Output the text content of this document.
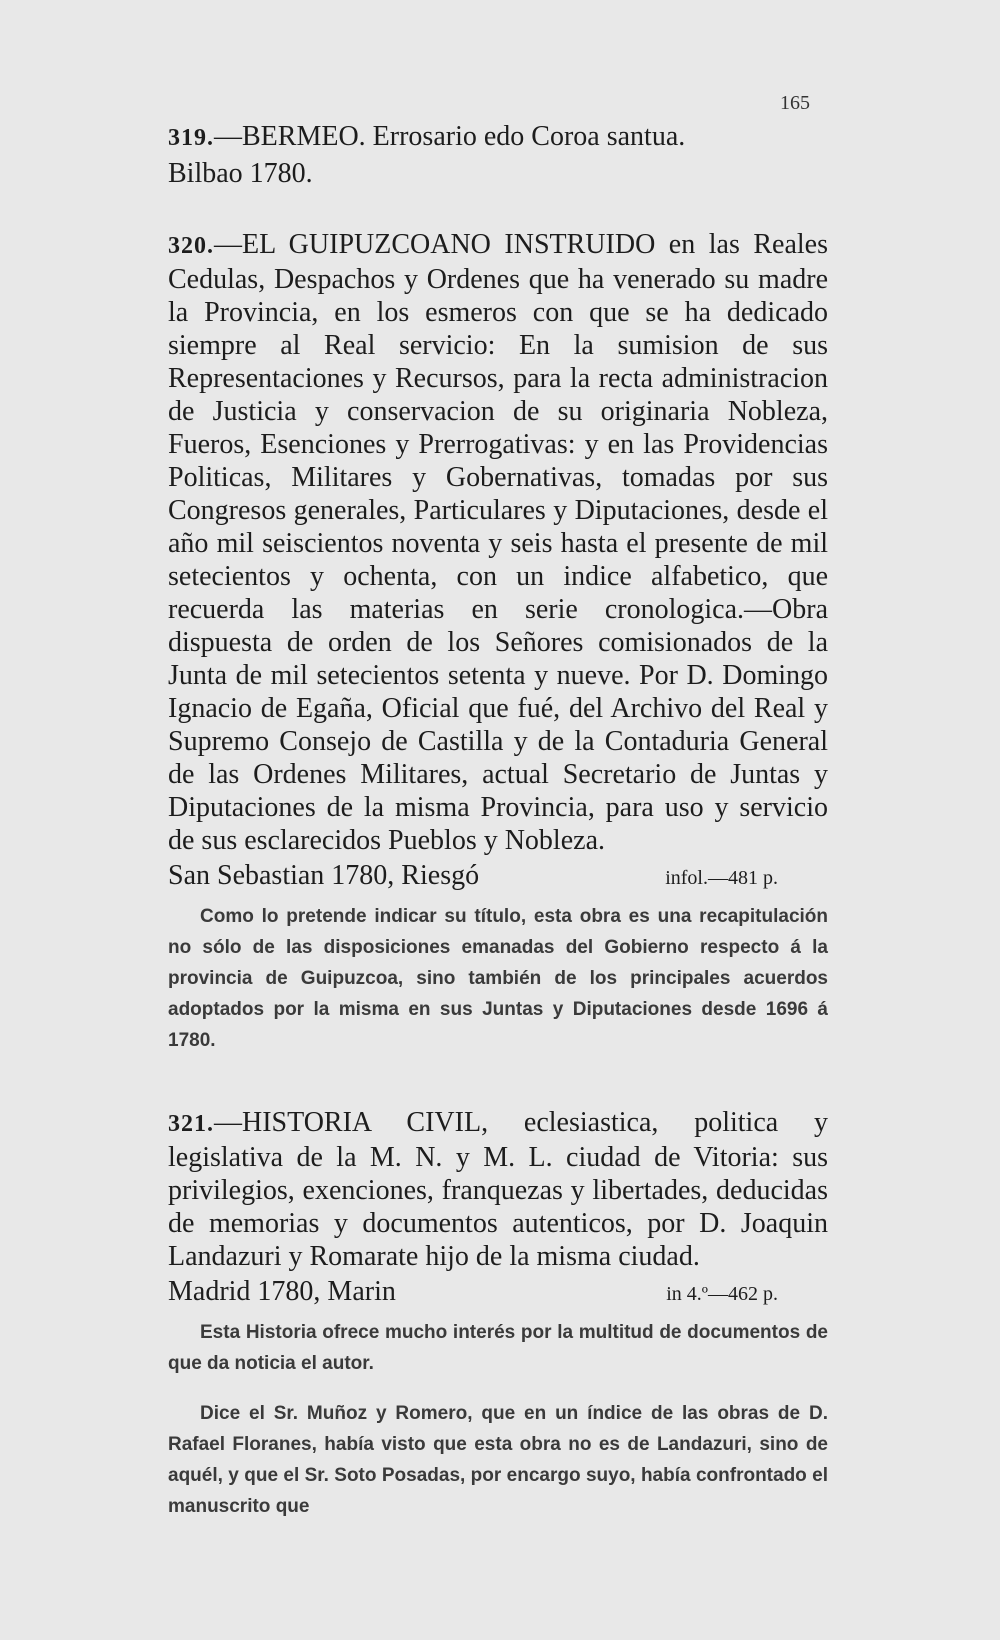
165
319.—BERMEO. Errosario edo Coroa santua.
Bilbao 1780.
320.—EL GUIPUZCOANO INSTRUIDO en las Reales Cedulas, Despachos y Ordenes que ha venerado su madre la Provincia, en los esmeros con que se ha dedicado siempre al Real servicio: En la sumision de sus Representaciones y Recursos, para la recta administracion de Justicia y conservacion de su originaria Nobleza, Fueros, Esenciones y Prerrogativas: y en las Providencias Politicas, Militares y Gobernativas, tomadas por sus Congresos generales, Particulares y Diputaciones, desde el año mil seiscientos noventa y seis hasta el presente de mil setecientos y ochenta, con un indice alfabetico, que recuerda las materias en serie cronologica.—Obra dispuesta de orden de los Señores comisionados de la Junta de mil setecientos setenta y nueve. Por D. Domingo Ignacio de Egaña, Oficial que fué, del Archivo del Real y Supremo Consejo de Castilla y de la Contaduria General de las Ordenes Militares, actual Secretario de Juntas y Diputaciones de la misma Provincia, para uso y servicio de sus esclarecidos Pueblos y Nobleza.
San Sebastian 1780, Riesgó	infol.—481 p.

Como lo pretende indicar su título, esta obra es una recapitulación no sólo de las disposiciones emanadas del Gobierno respecto á la provincia de Guipuzcoa, sino también de los principales acuerdos adoptados por la misma en sus Juntas y Diputaciones desde 1696 á 1780.

321.—HISTORIA CIVIL, eclesiastica, politica y legislativa de la M. N. y M. L. ciudad de Vitoria: sus privilegios, exenciones, franquezas y libertades, deducidas de memorias y documentos autenticos, por D. Joaquin Landazuri y Romarate hijo de la misma ciudad.
Madrid 1780, Marin	in 4.º—462 p.

Esta Historia ofrece mucho interés por la multitud de documentos de que da noticia el autor.

Dice el Sr. Muñoz y Romero, que en un índice de las obras de D. Rafael Floranes, había visto que esta obra no es de Landazuri, sino de aquél, y que el Sr. Soto Posadas, por encargo suyo, había confrontado el manuscrito que
